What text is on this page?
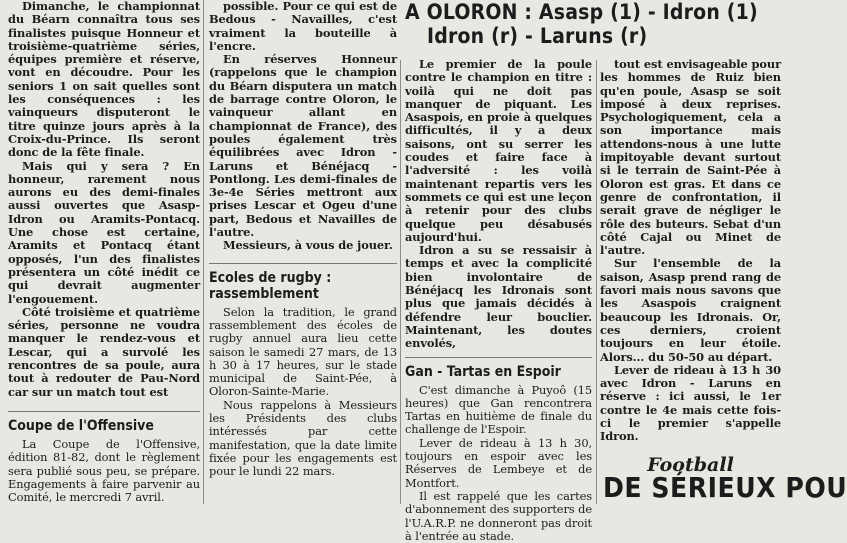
Dimanche, le championnat du Béarn connaîtra tous ses finalistes puisque Honneur et troisième-quatrième séries, équipes première et réserve, vont en découdre. Pour les seniors 1 on sait quelles sont les conséquences : les vainqueurs disputeront le titre quinze jours après à la Croix-du-Prince. Ils seront donc de la fête finale.

Mais qui y sera ? En honneur, rarement nous aurons eu des demi-finales aussi ouvertes que Asasp-Idron ou Aramits-Pontacq. Une chose est certaine, Aramits et Pontacq étant opposés, l'un des finalistes présentera un côté inédit ce qui devrait augmenter l'engouement.

Côté troisième et quatrième séries, personne ne voudra manquer le rendez-vous et Lescar, qui a survolé les rencontres de sa poule, aura tout à redouter de Pau-Nord car sur un match tout est

Coupe de l'Offensive

La Coupe de l'Offensive, édition 81-82, dont le règlement sera publié sous peu, se prépare. Engagements à faire parvenir au Comité, le mercredi 7 avril.

possible. Pour ce qui est de Bedous - Navailles, c'est vraiment la bouteille à l'encre.

En réserves Honneur (rappelons que le champion du Béarn disputera un match de barrage contre Oloron, le vainqueur allant en championnat de France), des poules également très équilibrées avec Idron - Laruns et Bénéjacq - Pontlong. Les demi-finales de 3e-4e Séries mettront aux prises Lescar et Ogeu d'une part, Bedous et Navailles de l'autre.

Messieurs, à vous de jouer.

Ecoles de rugby :
rassemblement

Selon la tradition, le grand rassemblement des écoles de rugby annuel aura lieu cette saison le samedi 27 mars, de 13 h 30 à 17 heures, sur le stade municipal de Saint-Pée, à Oloron-Sainte-Marie.

Nous rappelons à Messieurs les Présidents des clubs intéressés par cette manifestation, que la date limite fixée pour les engagements est pour le lundi 22 mars.

A OLORON : Asasp (1) - Idron (1)
Idron (r) - Laruns (r)

Le premier de la poule contre le champion en titre : voilà qui ne doit pas manquer de piquant. Les Asaspois, en proie à quelques difficultés, il y a deux saisons, ont su serrer les coudes et faire face à l'adversité : les voilà maintenant repartis vers les sommets ce qui est une leçon à retenir pour des clubs quelque peu désabusés aujourd'hui.

Idron a su se ressaisir à temps et avec la complicité bien involontaire de Bénéjacq les Idronais sont plus que jamais décidés à défendre leur bouclier. Maintenant, les doutes envolés,

Gan - Tartas en Espoir

C'est dimanche à Puyoô (15 heures) que Gan rencontrera Tartas en huitième de finale du challenge de l'Espoir.

Lever de rideau à 13 h 30, toujours en espoir avec les Réserves de Lembeye et de Montfort.

Il est rappelé que les cartes d'abonnement des supporters de l'U.A.R.P. ne donneront pas droit à l'entrée au stade.

tout est envisageable pour les hommes de Ruiz bien qu'en poule, Asasp se soit imposé à deux reprises. Psychologiquement, cela a son importance mais attendons-nous à une lutte impitoyable devant surtout si le terrain de Saint-Pée à Oloron est gras. Et dans ce genre de confrontation, il serait grave de négliger le rôle des buteurs. Sebat d'un côté Cajal ou Minet de l'autre.

Sur l'ensemble de la saison, Asasp prend rang de favori mais nous savons que les Asaspois craignent beaucoup les Idronais. Or, ces derniers, croient toujours en leur étoile. Alors... du 50-50 au départ.

Lever de rideau à 13 h 30 avec Idron - Laruns en réserve : ici aussi, le 1er contre le 4e mais cette fois-ci le premier s'appelle Idron.

Football
DE SÉRIEUX POU
